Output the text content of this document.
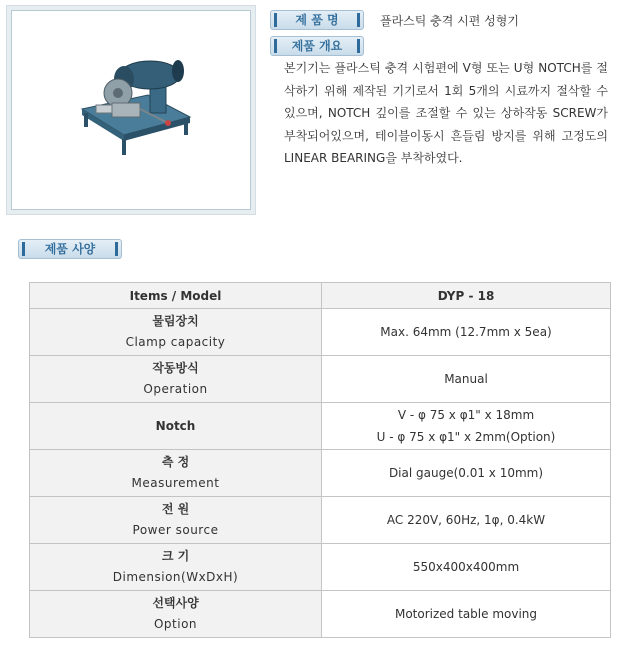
제 품 명	플라스틱 충격 시편 성형기
제품 개요
본기기는 플라스틱 충격 시험편에 V형 또는 U형 NOTCH를 절삭하기 위해 제작된 기기로서 1회 5개의 시료까지 절삭할 수 있으며, NOTCH 깊이를 조절할 수 있는 상하작동 SCREW가 부착되어있으며, 테이블이동시 흔들림 방지를 위해 고정도의 LINEAR BEARING을 부착하였다.
제품 사양
Items / Model	DYP - 18

물림장치
Clamp capacity	Max. 64mm (12.7mm x 5ea)

작동방식
Operation	Manual

Notch	V - φ 75 x φ1" x 18mm
U - φ 75 x φ1" x 2mm(Option)

측 정
Measurement	Dial gauge(0.01 x 10mm)

전 원
Power source	AC 220V, 60Hz, 1φ, 0.4kW

크 기
Dimension(WxDxH)	550x400x400mm

선택사양
Option	Motorized table moving
